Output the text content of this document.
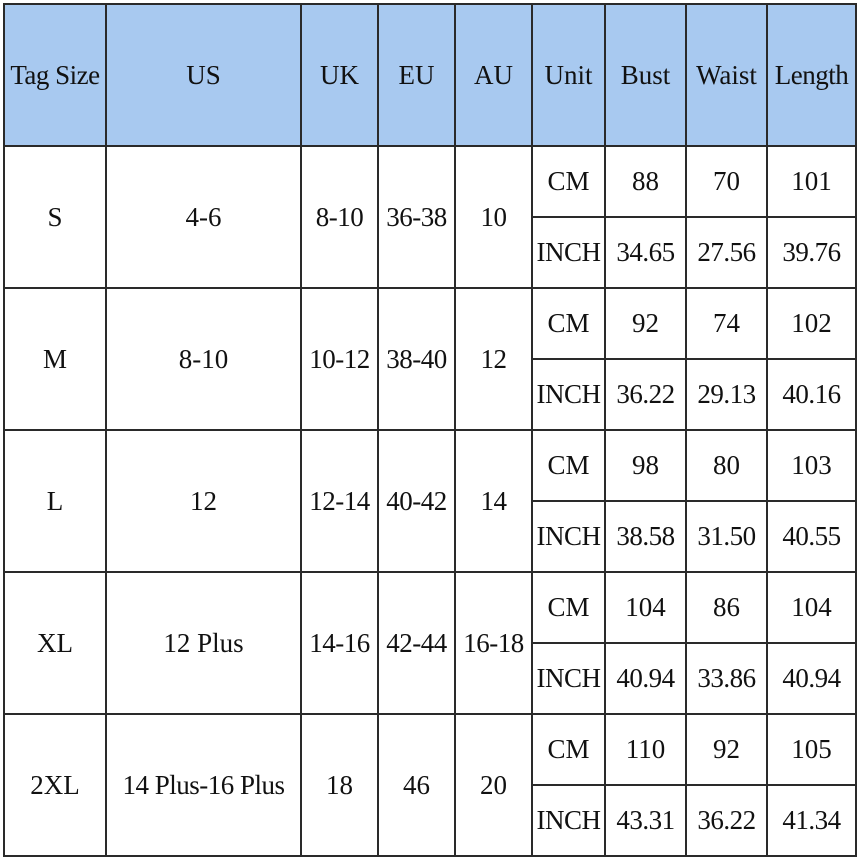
Tag Size	US	UK	EU	AU	Unit	Bust	Waist	Length
S	4-6	8-10	36-38	10	CM	88	70	101
					INCH	34.65	27.56	39.76
M	8-10	10-12	38-40	12	CM	92	74	102
					INCH	36.22	29.13	40.16
L	12	12-14	40-42	14	CM	98	80	103
					INCH	38.58	31.50	40.55
XL	12 Plus	14-16	42-44	16-18	CM	104	86	104
					INCH	40.94	33.86	40.94
2XL	14 Plus-16 Plus	18	46	20	CM	110	92	105
					INCH	43.31	36.22	41.34
